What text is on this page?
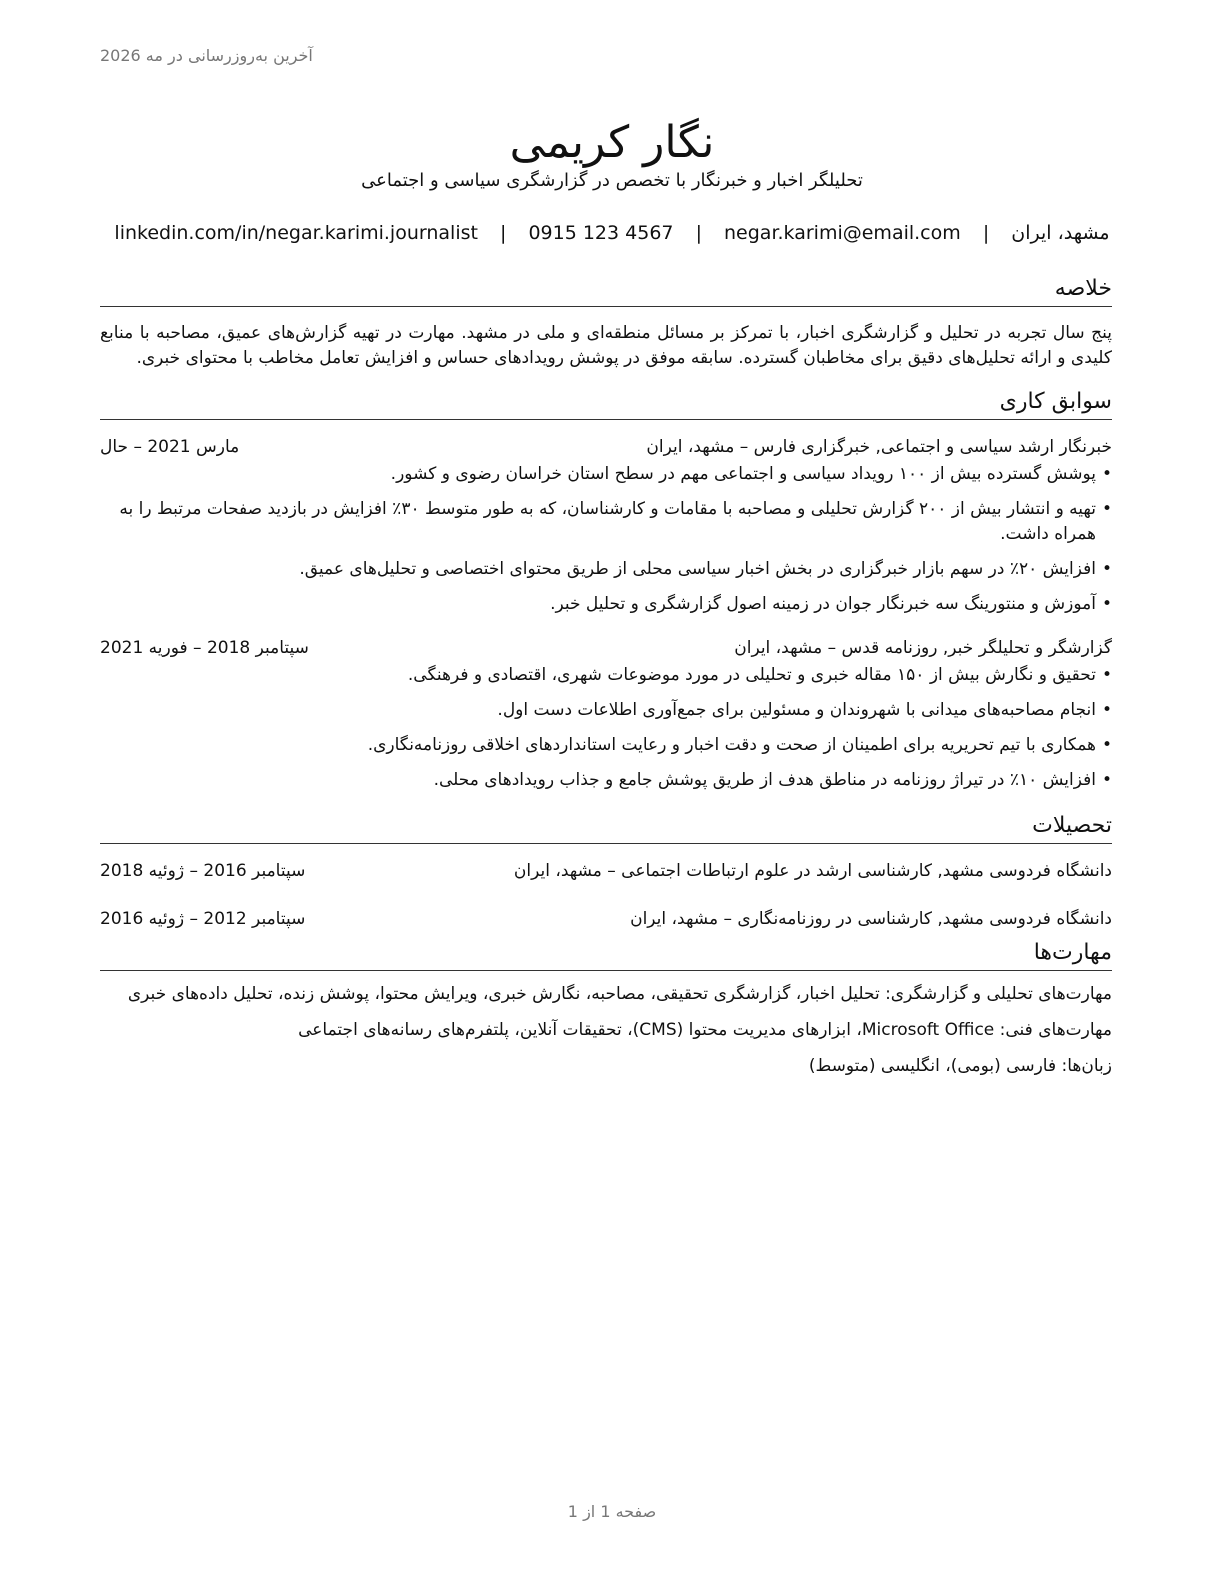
آخرین به‌روزرسانی در مه 2026
نگار کریمی
تحلیلگر اخبار و خبرنگار با تخصص در گزارشگری سیاسی و اجتماعی
مشهد، ایران | negar.karimi@email.com | 0915 123 4567 | linkedin.com/in/negar.karimi.journalist
خلاصه

پنج سال تجربه در تحلیل و گزارشگری اخبار، با تمرکز بر مسائل منطقه‌ای و ملی در مشهد. مهارت در تهیه گزارش‌های عمیق، مصاحبه با منابع کلیدی و ارائه تحلیل‌های دقیق برای مخاطبان گسترده. سابقه موفق در پوشش رویدادهای حساس و افزایش تعامل مخاطب با محتوای خبری.

سوابق کاری
خبرنگار ارشد سیاسی و اجتماعی, خبرگزاری فارس – مشهد، ایران
مارس 2021 – حال
• پوشش گسترده بیش از ۱۰۰ رویداد سیاسی و اجتماعی مهم در سطح استان خراسان رضوی و کشور.
• تهیه و انتشار بیش از ۲۰۰ گزارش تحلیلی و مصاحبه با مقامات و کارشناسان، که به طور متوسط ۳۰٪ افزایش در بازدید صفحات مرتبط را به همراه داشت.
• افزایش ۲۰٪ در سهم بازار خبرگزاری در بخش اخبار سیاسی محلی از طریق محتوای اختصاصی و تحلیل‌های عمیق.
• آموزش و منتورینگ سه خبرنگار جوان در زمینه اصول گزارشگری و تحلیل خبر.
گزارشگر و تحلیلگر خبر, روزنامه قدس – مشهد، ایران
سپتامبر 2018 – فوریه 2021
• تحقیق و نگارش بیش از ۱۵۰ مقاله خبری و تحلیلی در مورد موضوعات شهری، اقتصادی و فرهنگی.
• انجام مصاحبه‌های میدانی با شهروندان و مسئولین برای جمع‌آوری اطلاعات دست اول.
• همکاری با تیم تحریریه برای اطمینان از صحت و دقت اخبار و رعایت استانداردهای اخلاقی روزنامه‌نگاری.
• افزایش ۱۰٪ در تیراژ روزنامه در مناطق هدف از طریق پوشش جامع و جذاب رویدادهای محلی.
تحصیلات
دانشگاه فردوسی مشهد, کارشناسی ارشد در علوم ارتباطات اجتماعی – مشهد، ایران
سپتامبر 2016 – ژوئیه 2018
دانشگاه فردوسی مشهد, کارشناسی در روزنامه‌نگاری – مشهد، ایران
سپتامبر 2012 – ژوئیه 2016
مهارت‌ها
مهارت‌های تحلیلی و گزارشگری: تحلیل اخبار، گزارشگری تحقیقی، مصاحبه، نگارش خبری، ویرایش محتوا، پوشش زنده، تحلیل داده‌های خبری
مهارت‌های فنی: Microsoft Office، ابزارهای مدیریت محتوا (CMS)، تحقیقات آنلاین، پلتفرم‌های رسانه‌های اجتماعی
زبان‌ها: فارسی (بومی)، انگلیسی (متوسط)
صفحه 1 از 1
